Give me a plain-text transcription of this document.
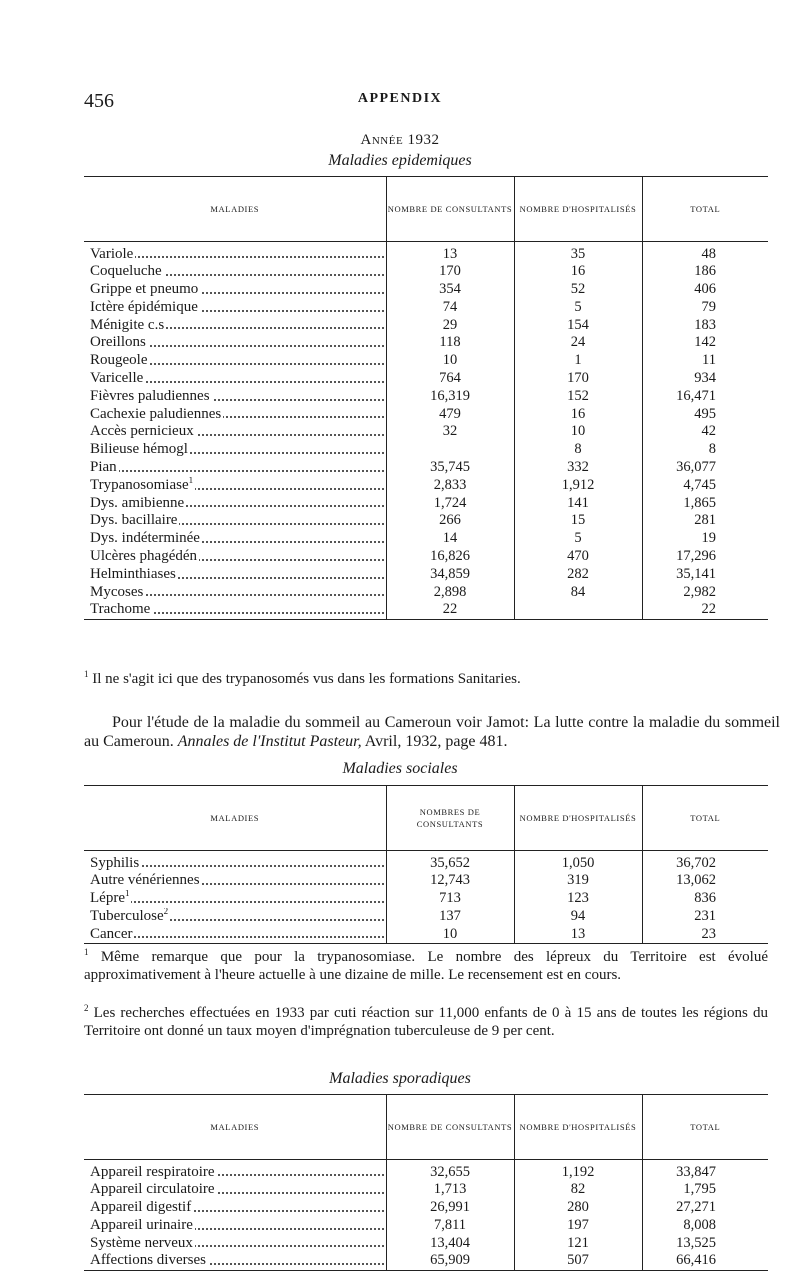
456	APPENDIX
Année 1932
Maladies epidemiques
MALADIES	NOMBRE DE CONSULTANTS	NOMBRE D'HOSPITALISÉS	TOTAL

Variole	13	35	48

Coqueluche	170	16	186

Grippe et pneumo	354	52	406

Ictère épidémique	74	5	79

Ménigite c.s	29	154	183

Oreillons	118	24	142

Rougeole	10	1	11

Varicelle	764	170	934

Fièvres paludiennes	16,319	152	16,471

Cachexie paludiennes	479	16	495

Accès pernicieux	32	10	42

Bilieuse hémogl		8	8

Pian	35,745	332	36,077

Trypanosomiase$^1$	2,833	1,912	4,745

Dys. amibienne	1,724	141	1,865

Dys. bacillaire	266	15	281

Dys. indéterminée	14	5	19

Ulcères phagédén	16,826	470	17,296

Helminthiases	34,859	282	35,141

Mycoses	2,898	84	2,982

Trachome	22		22
$^1$ Il ne s'agit ici que des trypanosomés vus dans les formations Sanitaries.
Pour l'étude de la maladie du sommeil au Cameroun voir Jamot: La lutte contre la maladie du sommeil au Cameroun. Annales de l'Institut Pasteur, Avril, 1932, page 481.
Maladies sociales
MALADIES	NOMBRES DE CONSULTANTS	NOMBRE D'HOSPITALISÉS	TOTAL

Syphilis	35,652	1,050	36,702

Autre vénériennes	12,743	319	13,062

Lépre$^1$	713	123	836

Tuberculose$^2$	137	94	231

Cancer	10	13	23
$^1$ Même remarque que pour la trypanosomiase. Le nombre des lépreux du Territoire est évolué approximativement à l'heure actuelle à une dizaine de mille. Le recensement est en cours.
$^2$ Les recherches effectuées en 1933 par cuti réaction sur 11,000 enfants de 0 à 15 ans de toutes les régions du Territoire ont donné un taux moyen d'imprégnation tuberculeuse de 9 per cent.
Maladies sporadiques
MALADIES	NOMBRE DE CONSULTANTS	NOMBRE D'HOSPITALISÉS	TOTAL

Appareil respiratoire	32,655	1,192	33,847

Appareil circulatoire	1,713	82	1,795

Appareil digestif	26,991	280	27,271

Appareil urinaire	7,811	197	8,008

Système nerveux	13,404	121	13,525

Affections diverses	65,909	507	66,416
